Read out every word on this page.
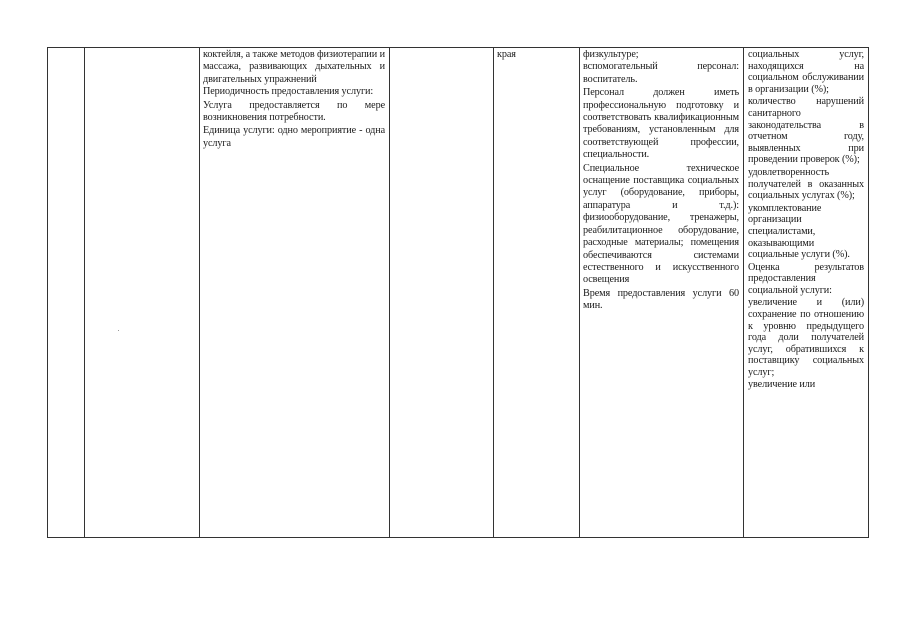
коктейля, а также методов физиотерапии и массажа, развивающих дыхательных и двигательных упражнений

Периодичность предоставления услуги:

Услуга предоставляется по мере возникновения потребности.

Единица услуги: одно мероприятие - одна услуга

края	физкультуре;

вспомогательный персонал: воспитатель.

Персонал должен иметь профессиональную подготовку и соответствовать квалификационным требованиям, установленным для соответствующей профессии, специальности.

Специальное техническое оснащение поставщика социальных услуг (оборудование, приборы, аппаратура и т.д.): физиооборудование, тренажеры, реабилитационное оборудование, расходные материалы; помещения обеспечиваются системами естественного и искусственного освещения

Время предоставления услуги 60 мин.

социальных услуг, находящихся на социальном обслуживании в организации (%);

количество нарушений санитарного законодательства в отчетном году, выявленных при проведении проверок (%);

удовлетворенность получателей в оказанных социальных услугах (%);

укомплектование организации специалистами, оказывающими социальные услуги (%).

Оценка результатов предоставления социальной услуги:

увеличение и (или) сохранение по отношению к уровню предыдущего года доли получателей услуг, обратившихся к поставщику социальных услуг;

увеличение или
